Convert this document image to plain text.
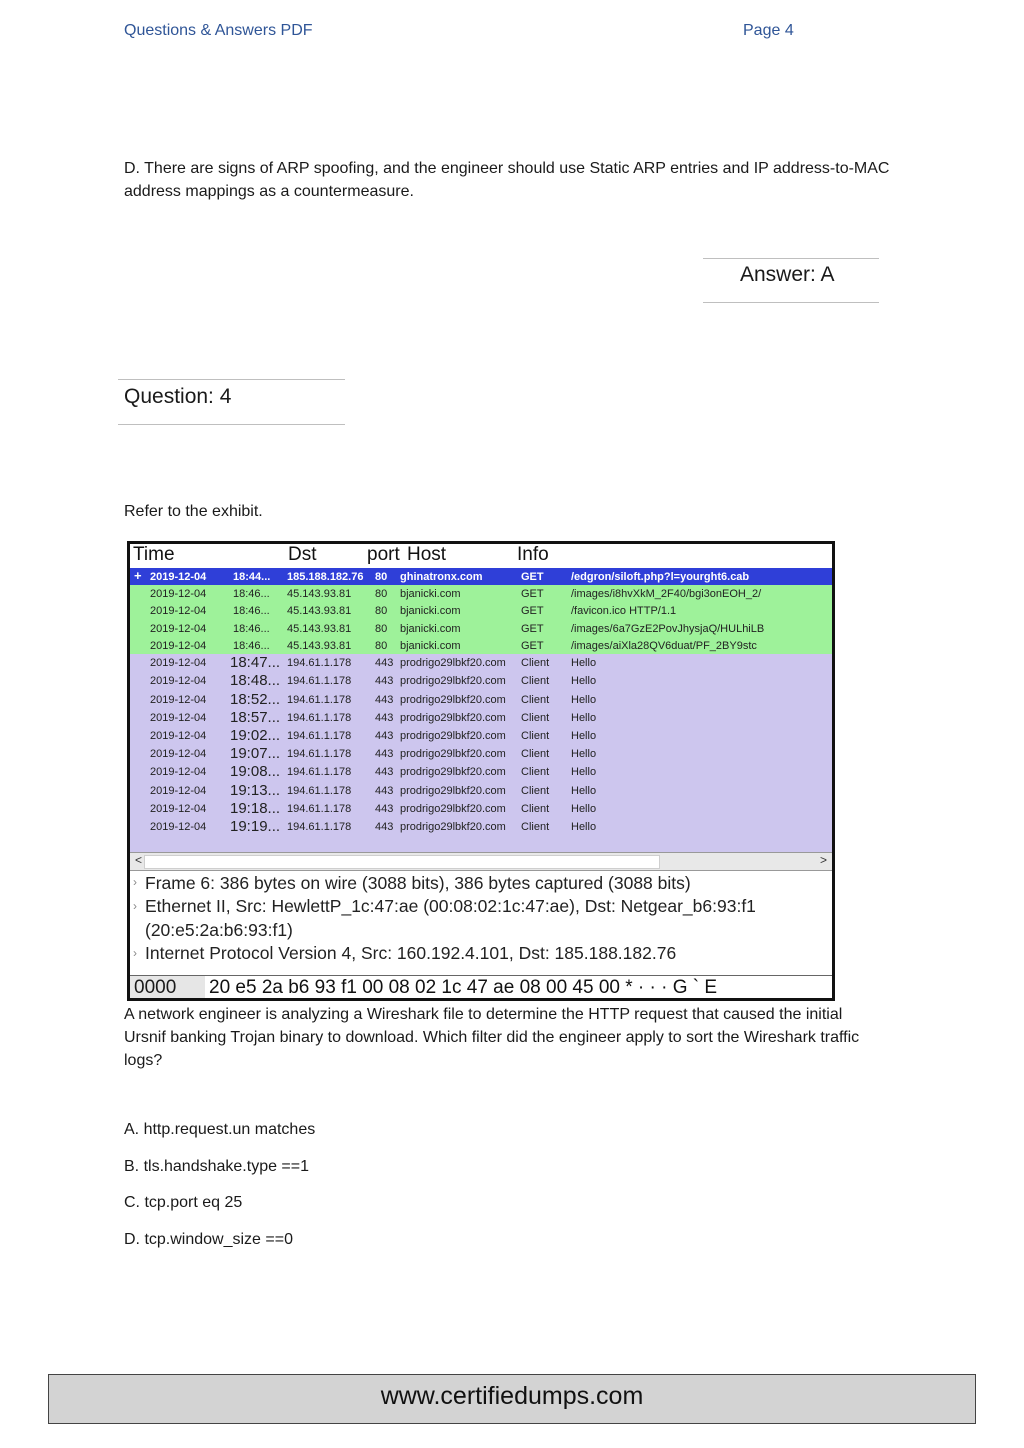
Questions & Answers PDF	Page 4
D. There are signs of ARP spoofing, and the engineer should use Static ARP entries and IP address-to-MAC address mappings as a countermeasure.
Answer: A
Question: 4
Refer to the exhibit.
Time	Dst	port Host	Info
2019-12-04 18:44... 185.188.182.76 80 ghinatronx.com	GET /edgron/siloft.php?l=yourght6.cab
+
2019-12-04 18:46... 45.143.93.81 80 bjanicki.com	GET /images/i8hvXkM_2F40/bgi3onEOH_2/
2019-12-04 18:46... 45.143.93.81 80 bjanicki.com	GET /favicon.ico HTTP/1.1
2019-12-04 18:46... 45.143.93.81 80 bjanicki.com	GET /images/6a7GzE2PovJhysjaQ/HULhiLB
2019-12-04 18:46... 45.143.93.81 80 bjanicki.com	GET /images/aiXla28QV6duat/PF_2BY9stc
2019-12-04 18:47... 194.61.1.178 443 prodrigo29lbkf20.com Client Hello
2019-12-04 18:48... 194.61.1.178 443 prodrigo29lbkf20.com Client Hello
2019-12-04 18:52... 194.61.1.178 443 prodrigo29lbkf20.com Client Hello
2019-12-04 18:57... 194.61.1.178 443 prodrigo29lbkf20.com Client Hello
2019-12-04 19:02... 194.61.1.178 443 prodrigo29lbkf20.com Client Hello
2019-12-04 19:07... 194.61.1.178 443 prodrigo29lbkf20.com Client Hello
2019-12-04 19:08... 194.61.1.178 443 prodrigo29lbkf20.com Client Hello
2019-12-04 19:13... 194.61.1.178 443 prodrigo29lbkf20.com Client Hello
2019-12-04 19:18... 194.61.1.178 443 prodrigo29lbkf20.com Client Hello
2019-12-04 19:19... 194.61.1.178 443 prodrigo29lbkf20.com Client Hello
<	>
› Frame 6: 386 bytes on wire (3088 bits), 386 bytes captured (3088 bits)
› Ethernet II, Src: HewlettP_1c:47:ae (00:08:02:1c:47:ae), Dst: Netgear_b6:93:f1
(20:e5:2a:b6:93:f1)
› Internet Protocol Version 4, Src: 160.192.4.101, Dst: 185.188.182.76
0000 20 e5 2a b6 93 f1 00 08 02 1c 47 ae 08 00 45 00 * · · · G ` E
A network engineer is analyzing a Wireshark file to determine the HTTP request that caused the initial Ursnif banking Trojan binary to download. Which filter did the engineer apply to sort the Wireshark traffic logs?
A. http.request.un matches
B. tls.handshake.type ==1
C. tcp.port eq 25
D. tcp.window_size ==0
www.certifiedumps.com
